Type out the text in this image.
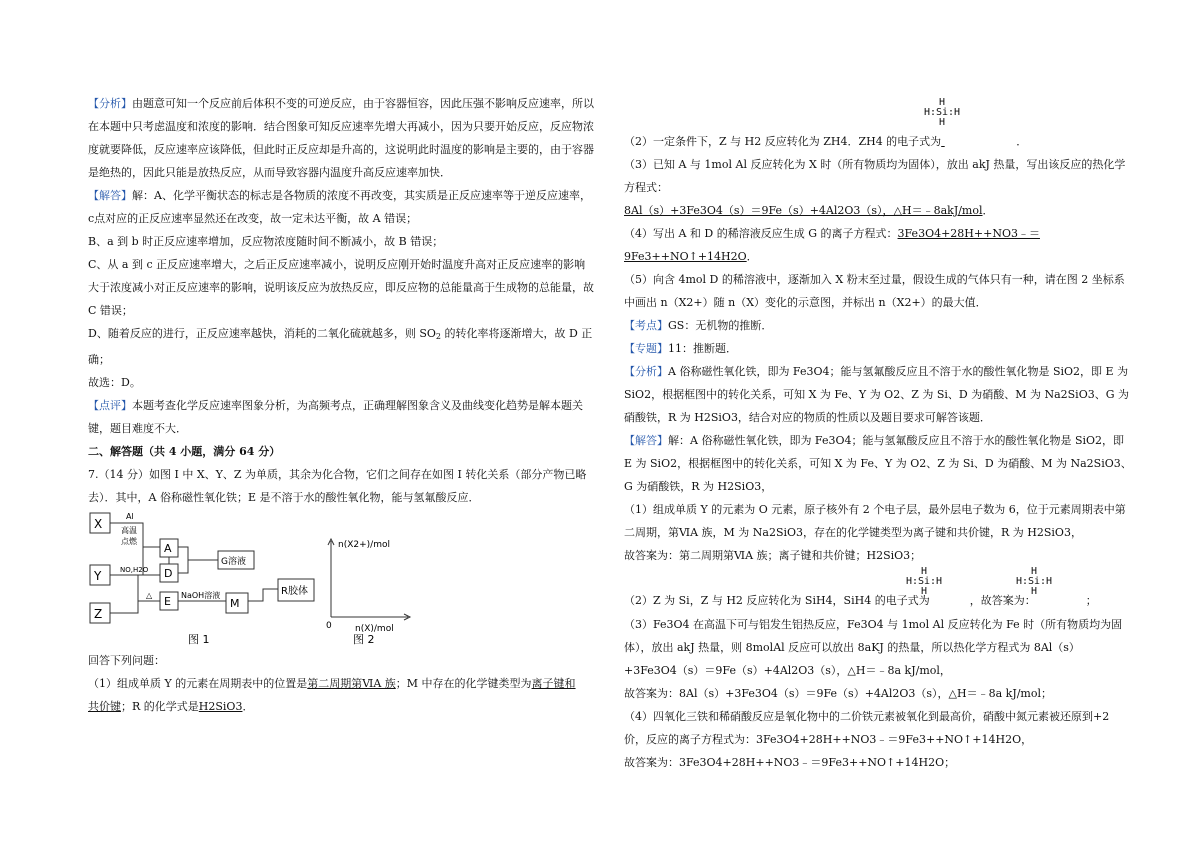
【分析】由题意可知一个反应前后体积不变的可逆反应，由于容器恒容，因此压强不影响反应速率，所以在本题中只考虑温度和浓度的影响．结合图象可知反应速率先增大再减小，因为只要开始反应，反应物浓度就要降低，反应速率应该降低，但此时正反应却是升高的，这说明此时温度的影响是主要的，由于容器是绝热的，因此只能是放热反应，从而导致容器内温度升高反应速率加快．

【解答】解：A、化学平衡状态的标志是各物质的浓度不再改变，其实质是正反应速率等于逆反应速率，c点对应的正反应速率显然还在改变，故一定未达平衡，故 A 错误；

B、a 到 b 时正反应速率增加，反应物浓度随时间不断减小，故 B 错误；

C、从 a 到 c 正反应速率增大，之后正反应速率减小，说明反应刚开始时温度升高对正反应速率的影响大于浓度减小对正反应速率的影响，说明该反应为放热反应，即反应物的总能量高于生成物的总能量，故 C 错误；

D、随着反应的进行，正反应速率越快，消耗的二氧化硫就越多，则 $SO_2$ 的转化率将逐渐增大，故 D 正确；

故选：D。

【点评】本题考查化学反应速率图象分析，为高频考点，正确理解图象含义及曲线变化趋势是解本题关键，题目难度不大．

二、解答题（共 4 小题，满分 64 分）

7.（14 分）如图 I 中 X、Y、Z 为单质，其余为化合物，它们之间存在如图 I 转化关系（部分产物已略去）．其中，A 俗称磁性氧化铁；E 是不溶于水的酸性氧化物，能与氢氟酸反应．

X
Y
Z
A
D
E
G溶液
M
R胶体
Al
高温
点燃
NO,H2O
△	NaOH溶液
图 1
n(X2+)/mol
n(X)/mol
0
图 2

回答下列问题：

（1）组成单质 Y 的元素在周期表中的位置是第二周期第ⅥA 族；M 中存在的化学键类型为离子键和

共价键；R 的化学式是H2SiO3．

H
H:Si:H
H

（2）一定条件下，Z 与 H2 反应转化为 ZH4．ZH4 的电子式为	．

（3）已知 A 与 1mol Al 反应转化为 X 时（所有物质均为固体），放出 akJ 热量，写出该反应的热化学方程式：

8Al（s）+3Fe3O4（s）＝9Fe（s）+4Al2O3（s），△H＝﹣8akJ/mol．

（4）写出 A 和 D 的稀溶液反应生成 G 的离子方程式：3Fe3O4+28H++NO3﹣＝9Fe3++NO↑+14H2O．

（5）向含 4mol D 的稀溶液中，逐渐加入 X 粉末至过量，假设生成的气体只有一种，请在图 2 坐标系中画出 n（X2+）随 n（X）变化的示意图，并标出 n（X2+）的最大值．

【考点】GS：无机物的推断．

【专题】11：推断题．

【分析】A 俗称磁性氧化铁，即为 Fe3O4；能与氢氟酸反应且不溶于水的酸性氧化物是 SiO2，即 E 为 SiO2，根据框图中的转化关系，可知 X 为 Fe、Y 为 O2、Z 为 Si、D 为硝酸、M 为 Na2SiO3、G 为硝酸铁，R 为 H2SiO3，结合对应的物质的性质以及题目要求可解答该题．

【解答】解：A 俗称磁性氧化铁，即为 Fe3O4；能与氢氟酸反应且不溶于水的酸性氧化物是 SiO2，即 E 为 SiO2，根据框图中的转化关系，可知 X 为 Fe、Y 为 O2、Z 为 Si、D 为硝酸、M 为 Na2SiO3、G 为硝酸铁，R 为 H2SiO3，

（1）组成单质 Y 的元素为 O 元素，原子核外有 2 个电子层，最外层电子数为 6，位于元素周期表中第二周期，第ⅥA 族，M 为 Na2SiO3，存在的化学键类型为离子键和共价键，R 为 H2SiO3，

故答案为：第二周期第ⅥA 族；离子键和共价键；H2SiO3；

H
H:Si:H
H
H
H:Si:H
H

（2）Z 为 Si，Z 与 H2 反应转化为 SiH4，SiH4 的电子式为	，故答案为：	；

（3）Fe3O4 在高温下可与铝发生铝热反应，Fe3O4 与 1mol Al 反应转化为 Fe 时（所有物质均为固体），放出 akJ 热量，则 8molAl 反应可以放出 8aKJ 的热量，所以热化学方程式为 8Al（s）+3Fe3O4（s）＝9Fe（s）+4Al2O3（s），△H＝﹣8a kJ/mol，

故答案为：8Al（s）+3Fe3O4（s）＝9Fe（s）+4Al2O3（s），△H＝﹣8a kJ/mol；

（4）四氧化三铁和稀硝酸反应是氧化物中的二价铁元素被氧化到最高价，硝酸中氮元素被还原到+2 价，反应的离子方程式为：3Fe3O4+28H++NO3﹣＝9Fe3++NO↑+14H2O，

故答案为：3Fe3O4+28H++NO3﹣＝9Fe3++NO↑+14H2O；
